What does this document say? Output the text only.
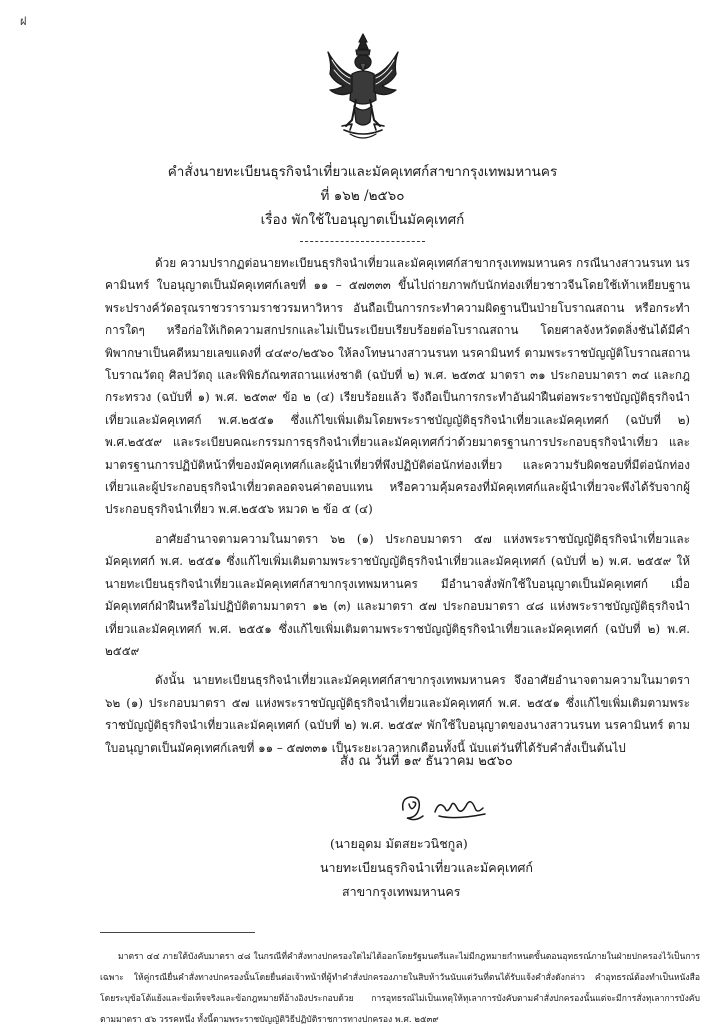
ฝ
คำสั่งนายทะเบียนธุรกิจนำเที่ยวและมัคคุเทศก์สาขากรุงเทพมหานคร
ที่ ๑๖๒ /๒๕๖๐
เรื่อง พักใช้ใบอนุญาตเป็นมัคคุเทศก์

ด้วย ความปรากฏต่อนายทะเบียนธุรกิจนำเที่ยวและมัคคุเทศก์สาขากรุงเทพมหานคร กรณีนางสาวนรนท นรคามินทร์ ใบอนุญาตเป็นมัคคุเทศก์เลขที่ ๑๑ – ๕๗๓๓๓ ขึ้นไปถ่ายภาพกับนักท่องเที่ยวชาวจีนโดยใช้เท้าเหยียบฐานพระปรางค์วัดอรุณราชวรารามราชวรมหาวิหาร อันถือเป็นการกระทำความผิดฐานปีนป่ายโบราณสถาน หรือกระทำการใดๆ หรือก่อให้เกิดความสกปรกและไม่เป็นระเบียบเรียบร้อยต่อโบราณสถาน โดยศาลจังหวัดตลิ่งชันได้มีคำพิพากษาเป็นคดีหมายเลขแดงที่ ๔๔๙๐/๒๕๖๐ ให้ลงโทษนางสาวนรนท นรคามินทร์ ตามพระราชบัญญัติโบราณสถาน โบราณวัตถุ ศิลปวัตถุ และพิพิธภัณฑสถานแห่งชาติ (ฉบับที่ ๒) พ.ศ. ๒๕๓๕ มาตรา ๓๑ ประกอบมาตรา ๓๔ และกฎกระทรวง (ฉบับที่ ๑) พ.ศ. ๒๕๓๙ ข้อ ๒ (๔) เรียบร้อยแล้ว จึงถือเป็นการกระทำอันฝ่าฝืนต่อพระราชบัญญัติธุรกิจนำเที่ยวและมัคคุเทศก์ พ.ศ.๒๕๕๑ ซึ่งแก้ไขเพิ่มเติมโดยพระราชบัญญัติธุรกิจนำเที่ยวและมัคคุเทศก์ (ฉบับที่ ๒) พ.ศ.๒๕๕๙ และระเบียบคณะกรรมการธุรกิจนำเที่ยวและมัคคุเทศก์ว่าด้วยมาตรฐานการประกอบธุรกิจนำเที่ยว และมาตรฐานการปฏิบัติหน้าที่ของมัคคุเทศก์และผู้นำเที่ยวที่พึงปฏิบัติต่อนักท่องเที่ยว และความรับผิดชอบที่มีต่อนักท่องเที่ยวและผู้ประกอบธุรกิจนำเที่ยวตลอดจนค่าตอบแทน หรือความคุ้มครองที่มัคคุเทศก์และผู้นำเที่ยวจะพึงได้รับจากผู้ประกอบธุรกิจนำเที่ยว พ.ศ.๒๕๕๖ หมวด ๒ ข้อ ๕ (๔)

อาศัยอำนาจตามความในมาตรา ๖๒ (๑) ประกอบมาตรา ๕๗ แห่งพระราชบัญญัติธุรกิจนำเที่ยวและมัคคุเทศก์ พ.ศ. ๒๕๕๑ ซึ่งแก้ไขเพิ่มเติมตามพระราชบัญญัติธุรกิจนำเที่ยวและมัคคุเทศก์ (ฉบับที่ ๒) พ.ศ. ๒๕๕๙ ให้นายทะเบียนธุรกิจนำเที่ยวและมัคคุเทศก์สาขากรุงเทพมหานคร มีอำนาจสั่งพักใช้ใบอนุญาตเป็นมัคคุเทศก์ เมื่อมัคคุเทศก์ฝ่าฝืนหรือไม่ปฏิบัติตามมาตรา ๑๒ (๓) และมาตรา ๕๗ ประกอบมาตรา ๔๘ แห่งพระราชบัญญัติธุรกิจนำเที่ยวและมัคคุเทศก์ พ.ศ. ๒๕๕๑ ซึ่งแก้ไขเพิ่มเติมตามพระราชบัญญัติธุรกิจนำเที่ยวและมัคคุเทศก์ (ฉบับที่ ๒) พ.ศ. ๒๕๕๙

ดังนั้น นายทะเบียนธุรกิจนำเที่ยวและมัคคุเทศก์สาขากรุงเทพมหานคร จึงอาศัยอำนาจตามความในมาตรา ๖๒ (๑) ประกอบมาตรา ๕๗ แห่งพระราชบัญญัติธุรกิจนำเที่ยวและมัคคุเทศก์ พ.ศ. ๒๕๕๑ ซึ่งแก้ไขเพิ่มเติมตามพระราชบัญญัติธุรกิจนำเที่ยวและมัคคุเทศก์ (ฉบับที่ ๒) พ.ศ. ๒๕๕๙ พักใช้ใบอนุญาตของนางสาวนรนท นรคามินทร์ ตามใบอนุญาตเป็นมัคคุเทศก์เลขที่ ๑๑ – ๕๗๓๓๑ เป็นระยะเวลาหกเดือนทั้งนี้ นับแต่วันที่ได้รับคำสั่งเป็นต้นไป

สั่ง ณ วันที่ ๑๙ ธันวาคม ๒๕๖๐
(นายอุดม มัตสยะวนิชกูล)
นายทะเบียนธุรกิจนำเที่ยวและมัคคุเทศก์
สาขากรุงเทพมหานคร

มาตรา ๔๔ ภายใต้บังคับมาตรา ๔๘ ในกรณีที่คำสั่งทางปกครองใดไม่ได้ออกโดยรัฐมนตรีและไม่มีกฎหมายกำหนดขั้นตอนอุทธรณ์ภายในฝ่ายปกครองไว้เป็นการเฉพาะ ให้คู่กรณียื่นคำสั่งทางปกครองนั้นโดยยื่นต่อเจ้าหน้าที่ผู้ทำคำสั่งปกครองภายในสิบห้าวันนับแต่วันที่ตนได้รับแจ้งคำสั่งดังกล่าว คำอุทธรณ์ต้องทำเป็นหนังสือโดยระบุข้อโต้แย้งและข้อเท็จจริงและข้อกฎหมายที่อ้างอิงประกอบด้วย การอุทธรณ์ไม่เป็นเหตุให้ทุเลาการบังคับตามคำสั่งปกครองนั้นแต่จะมีการสั่งทุเลาการบังคับตามมาตรา ๕๖ วรรคหนึ่ง ทั้งนี้ตามพระราชบัญญัติวิธีปฏิบัติราชการทางปกครอง พ.ศ. ๒๕๓๙
